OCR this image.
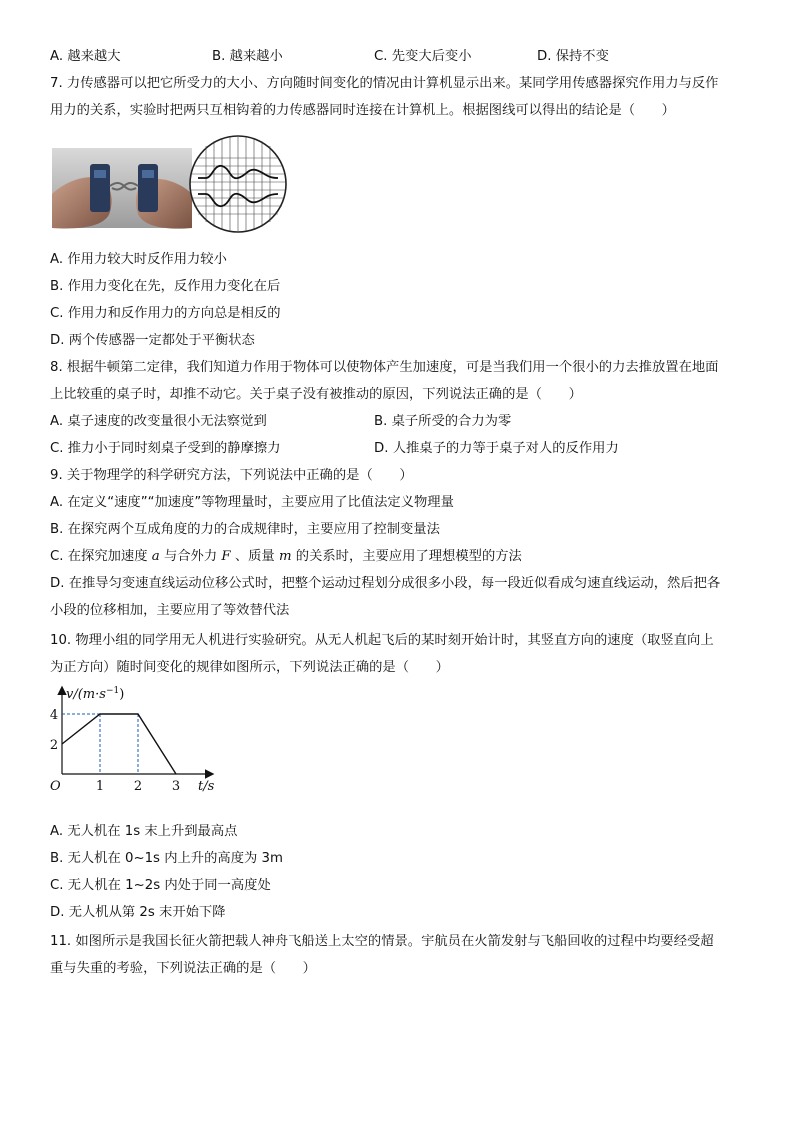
A. 越来越大	B. 越来越小	C. 先变大后变小	D. 保持不变
7. 力传感器可以把它所受力的大小、方向随时间变化的情况由计算机显示出来。某同学用传感器探究作用力与反作
用力的关系，实验时把两只互相钩着的力传感器同时连接在计算机上。根据图线可以得出的结论是（　　）
A. 作用力较大时反作用力较小
B. 作用力变化在先，反作用力变化在后
C. 作用力和反作用力的方向总是相反的
D. 两个传感器一定都处于平衡状态
8. 根据牛顿第二定律，我们知道力作用于物体可以使物体产生加速度，可是当我们用一个很小的力去推放置在地面
上比较重的桌子时，却推不动它。关于桌子没有被推动的原因，下列说法正确的是（　　）
A. 桌子速度的改变量很小无法察觉到	B. 桌子所受的合力为零
C. 推力小于同时刻桌子受到的静摩擦力	D. 人推桌子的力等于桌子对人的反作用力
9. 关于物理学的科学研究方法，下列说法中正确的是（　　）
A. 在定义“速度”“加速度”等物理量时，主要应用了比值法定义物理量
B. 在探究两个互成角度的力的合成规律时，主要应用了控制变量法
C. 在探究加速度 a 与合外力 F 、质量 m 的关系时，主要应用了理想模型的方法
D. 在推导匀变速直线运动位移公式时，把整个运动过程划分成很多小段，每一段近似看成匀速直线运动，然后把各
小段的位移相加，主要应用了等效替代法
10. 物理小组的同学用无人机进行实验研究。从无人机起飞后的某时刻开始计时，其竖直方向的速度（取竖直向上
为正方向）随时间变化的规律如图所示，下列说法正确的是（　　）
$v/(m\cdot s^{-1})$
t/s
O
4
2
1 2 3
A. 无人机在 1s 末上升到最高点
B. 无人机在 0~1s 内上升的高度为 3m
C. 无人机在 1~2s 内处于同一高度处
D. 无人机从第 2s 末开始下降
11. 如图所示是我国长征火箭把载人神舟飞船送上太空的情景。宇航员在火箭发射与飞船回收的过程中均要经受超
重与失重的考验，下列说法正确的是（　　）
